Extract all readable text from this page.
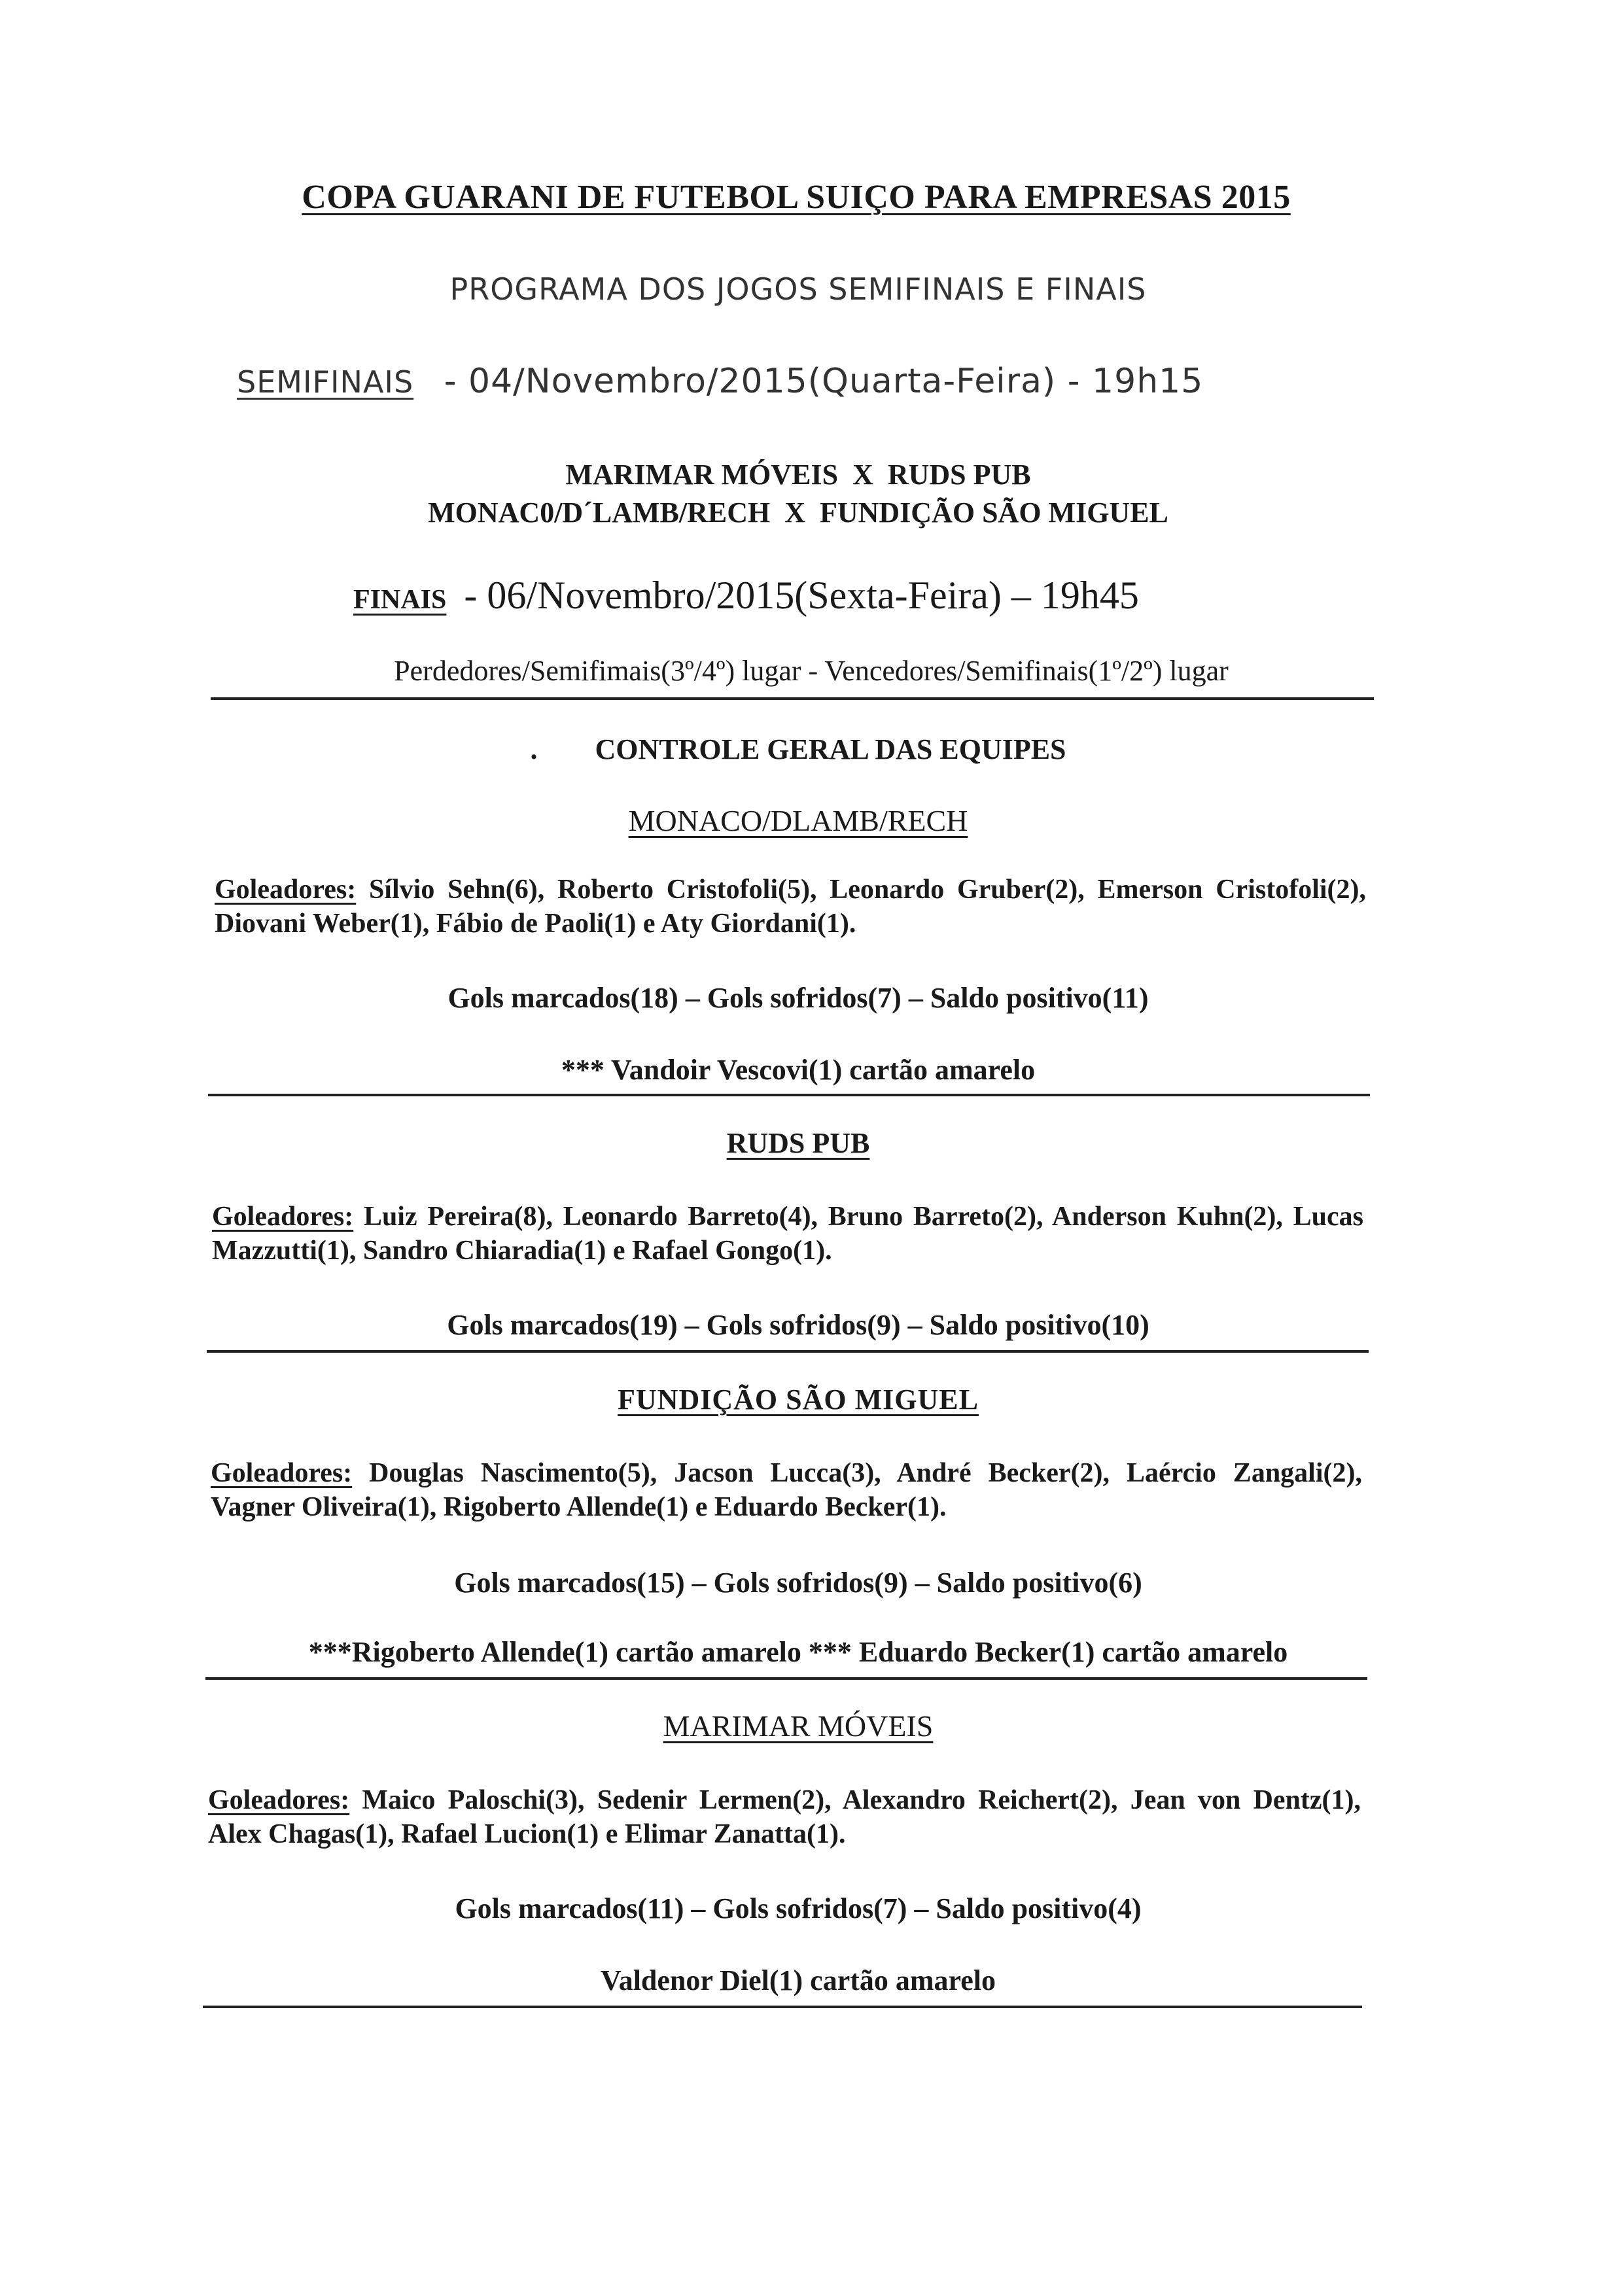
COPA GUARANI DE FUTEBOL SUIÇO PARA EMPRESAS 2015
PROGRAMA DOS JOGOS SEMIFINAIS E FINAIS
SEMIFINAIS - 04/Novembro/2015(Quarta-Feira) - 19h15
MARIMAR MÓVEIS  X  RUDS PUB
MONAC0/D´LAMB/RECH  X  FUNDIÇÃO SÃO MIGUEL
FINAIS - 06/Novembro/2015(Sexta-Feira) – 19h45
Perdedores/Semifimais(3º/4º) lugar - Vencedores/Semifinais(1º/2º) lugar
.        CONTROLE GERAL DAS EQUIPES
MONACO/DLAMB/RECH
Goleadores: Sílvio Sehn(6), Roberto Cristofoli(5), Leonardo Gruber(2), Emerson Cristofoli(2), Diovani Weber(1), Fábio de Paoli(1) e Aty Giordani(1).
Gols marcados(18) – Gols sofridos(7) – Saldo positivo(11)
*** Vandoir Vescovi(1) cartão amarelo
RUDS PUB
Goleadores: Luiz Pereira(8), Leonardo Barreto(4), Bruno Barreto(2), Anderson Kuhn(2), Lucas Mazzutti(1), Sandro Chiaradia(1) e Rafael Gongo(1).
Gols marcados(19) – Gols sofridos(9) – Saldo positivo(10)
FUNDIÇÃO SÃO MIGUEL
Goleadores: Douglas Nascimento(5), Jacson Lucca(3), André Becker(2), Laércio Zangali(2), Vagner Oliveira(1), Rigoberto Allende(1) e Eduardo Becker(1).
Gols marcados(15) – Gols sofridos(9) – Saldo positivo(6)
***Rigoberto Allende(1) cartão amarelo *** Eduardo Becker(1) cartão amarelo
MARIMAR MÓVEIS
Goleadores: Maico Paloschi(3), Sedenir Lermen(2), Alexandro Reichert(2), Jean von Dentz(1), Alex Chagas(1), Rafael Lucion(1) e Elimar Zanatta(1).
Gols marcados(11) – Gols sofridos(7) – Saldo positivo(4)
Valdenor Diel(1) cartão amarelo
